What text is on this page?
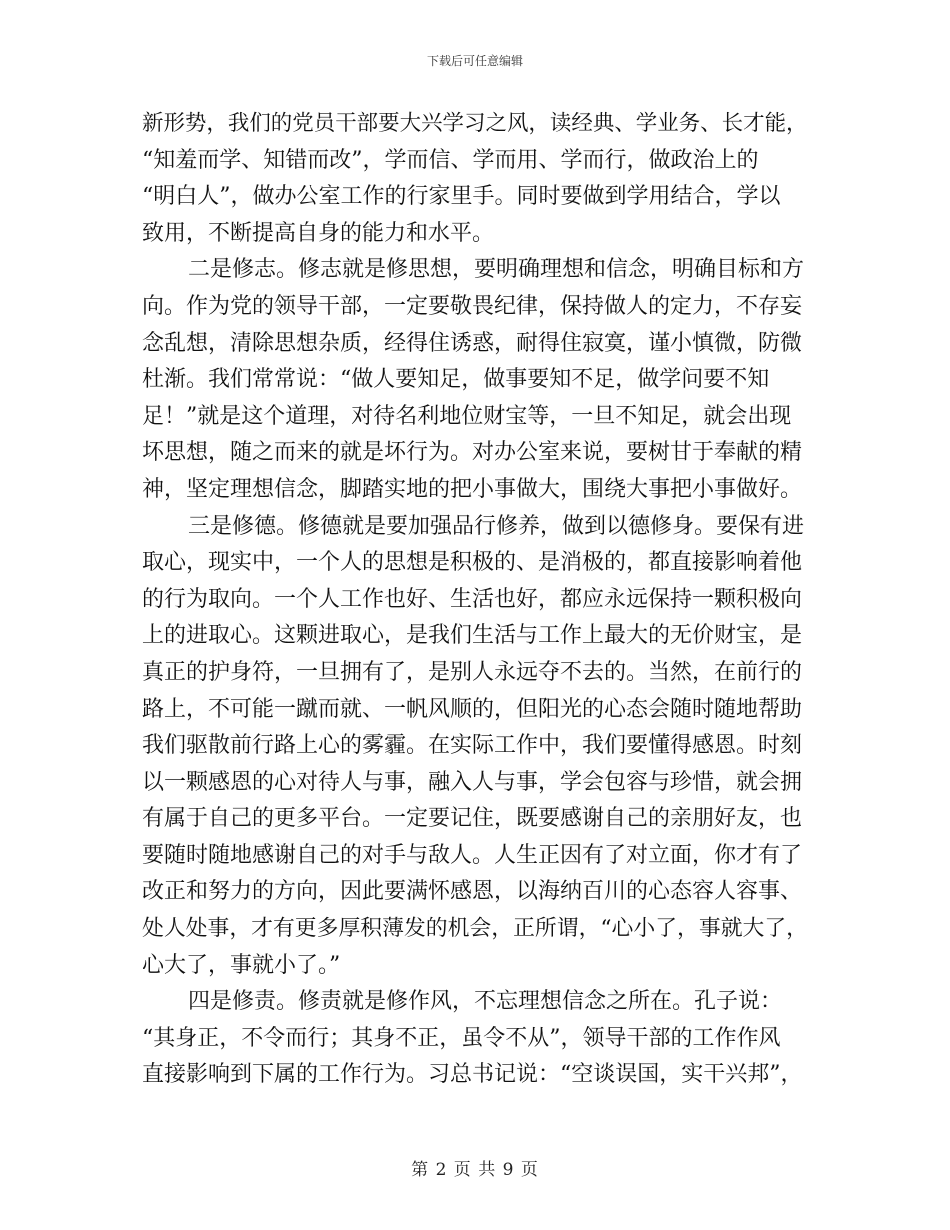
下载后可任意编辑
新形势，我们的党员干部要大兴学习之风，读经典、学业务、长才能，
“知羞而学、知错而改”，学而信、学而用、学而行，做政治上的
“明白人”，做办公室工作的行家里手。同时要做到学用结合，学以
致用，不断提高自身的能力和水平。
二是修志。修志就是修思想，要明确理想和信念，明确目标和方
向。作为党的领导干部，一定要敬畏纪律，保持做人的定力，不存妄
念乱想，清除思想杂质，经得住诱惑，耐得住寂寞，谨小慎微，防微
杜渐。我们常常说：“做人要知足，做事要知不足，做学问要不知
足！”就是这个道理，对待名利地位财宝等，一旦不知足，就会出现
坏思想，随之而来的就是坏行为。对办公室来说，要树甘于奉献的精
神，坚定理想信念，脚踏实地的把小事做大，围绕大事把小事做好。
三是修德。修德就是要加强品行修养，做到以德修身。要保有进
取心，现实中，一个人的思想是积极的、是消极的，都直接影响着他
的行为取向。一个人工作也好、生活也好，都应永远保持一颗积极向
上的进取心。这颗进取心，是我们生活与工作上最大的无价财宝，是
真正的护身符，一旦拥有了，是别人永远夺不去的。当然，在前行的
路上，不可能一蹴而就、一帆风顺的，但阳光的心态会随时随地帮助
我们驱散前行路上心的雾霾。在实际工作中，我们要懂得感恩。时刻
以一颗感恩的心对待人与事，融入人与事，学会包容与珍惜，就会拥
有属于自己的更多平台。一定要记住，既要感谢自己的亲朋好友，也
要随时随地感谢自己的对手与敌人。人生正因有了对立面，你才有了
改正和努力的方向，因此要满怀感恩，以海纳百川的心态容人容事、
处人处事，才有更多厚积薄发的机会，正所谓，“心小了，事就大了，
心大了，事就小了。”
四是修责。修责就是修作风，不忘理想信念之所在。孔子说：
“其身正，不令而行；其身不正，虽令不从”，领导干部的工作作风
直接影响到下属的工作行为。习总书记说：“空谈误国，实干兴邦”，
第 2 页 共 9 页
